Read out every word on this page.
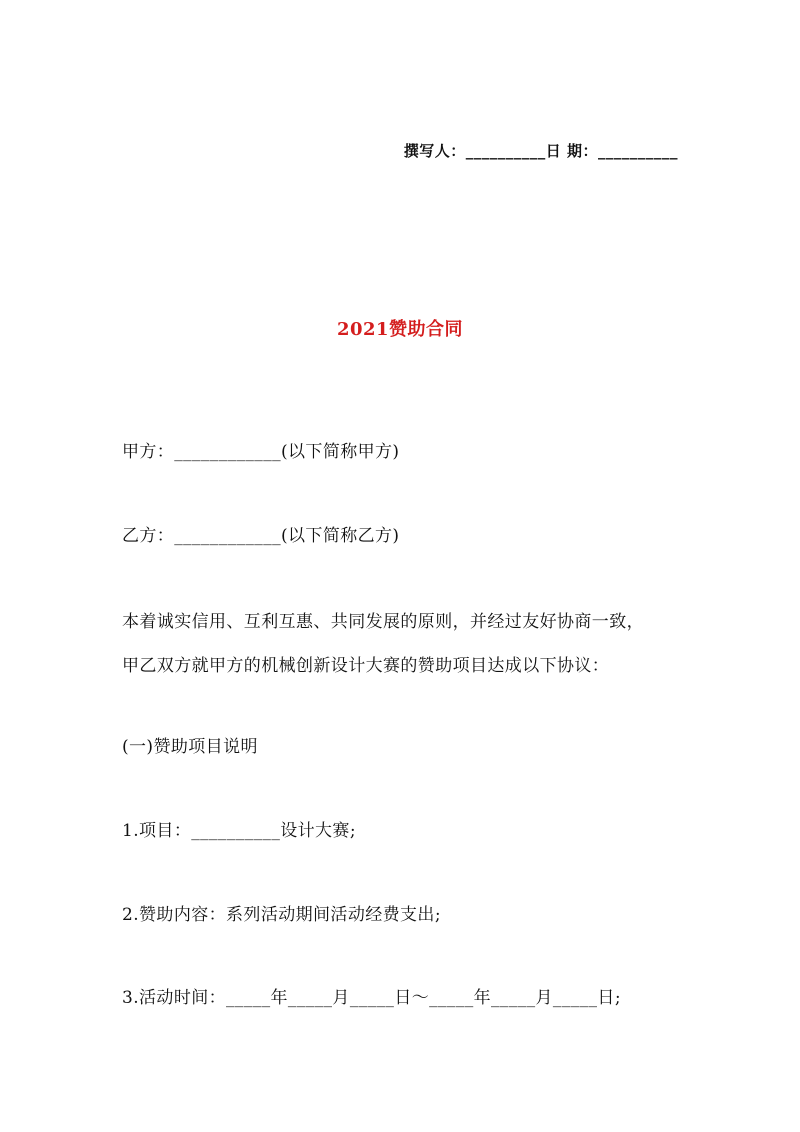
撰写人：__________日 期：__________
2021赞助合同
甲方：____________(以下简称甲方)
乙方：____________(以下简称乙方)
本着诚实信用、互利互惠、共同发展的原则，并经过友好协商一致，
甲乙双方就甲方的机械创新设计大赛的赞助项目达成以下协议：
(一)赞助项目说明
1.项目：__________设计大赛;
2.赞助内容：系列活动期间活动经费支出;
3.活动时间：_____年_____月_____日～_____年_____月_____日;
